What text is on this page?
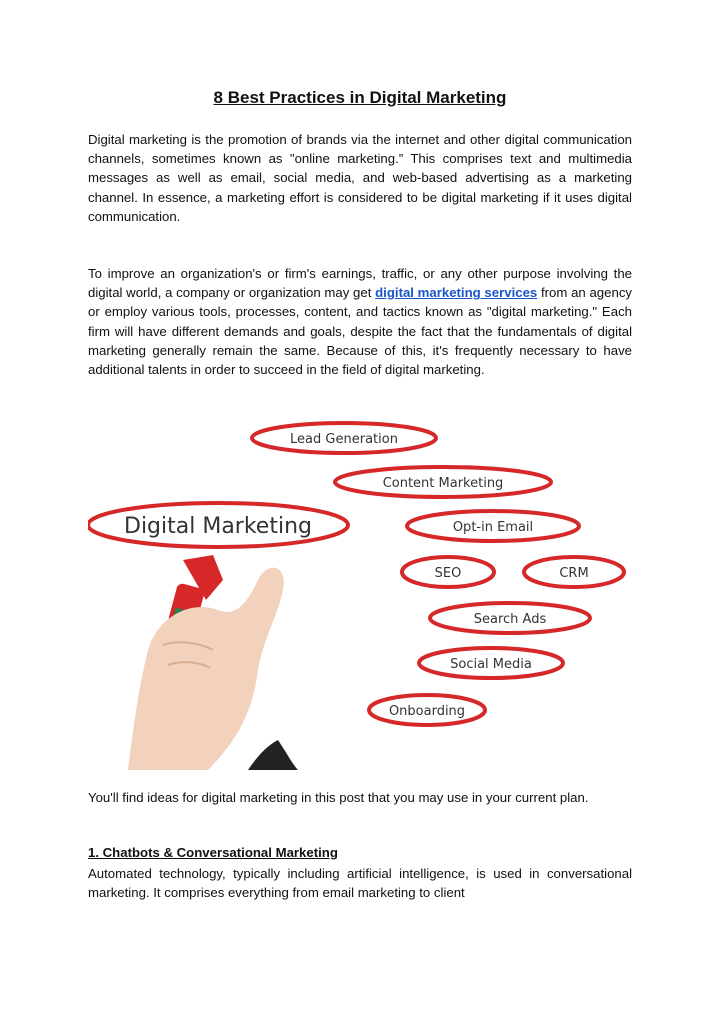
8 Best Practices in Digital Marketing

Digital marketing is the promotion of brands via the internet and other digital communication channels, sometimes known as "online marketing.” This comprises text and multimedia messages as well as email, social media, and web-based advertising as a marketing channel. In essence, a marketing effort is considered to be digital marketing if it uses digital communication.

To improve an organization's or firm's earnings, traffic, or any other purpose involving the digital world, a company or organization may get digital marketing services from an agency or employ various tools, processes, content, and tactics known as "digital marketing." Each firm will have different demands and goals, despite the fact that the fundamentals of digital marketing generally remain the same. Because of this, it's frequently necessary to have additional talents in order to succeed in the field of digital marketing.

Digital Marketing
Lead Generation
Content Marketing
Opt-in Email
SEO	CRM
Search Ads
Social Media
Onboarding

You'll find ideas for digital marketing in this post that you may use in your current plan.

1. Chatbots & Conversational Marketing

Automated technology, typically including artificial intelligence, is used in conversational marketing. It comprises everything from email marketing to client
